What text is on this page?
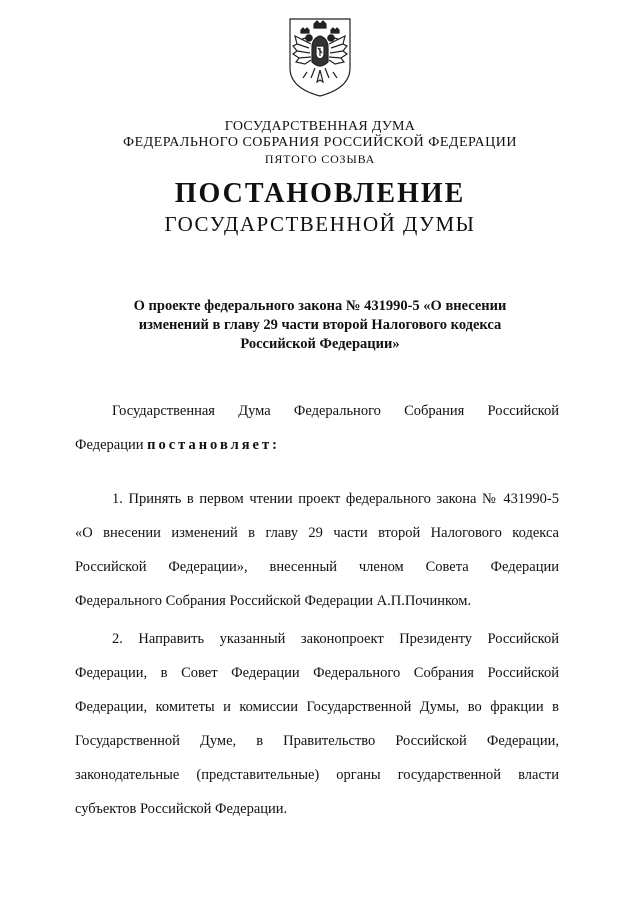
ГОСУДАРСТВЕННАЯ ДУМА
ФЕДЕРАЛЬНОГО СОБРАНИЯ РОССИЙСКОЙ ФЕДЕРАЦИИ
ПЯТОГО СОЗЫВА
ПОСТАНОВЛЕНИЕ
ГОСУДАРСТВЕННОЙ ДУМЫ
О проекте федерального закона № 431990-5 «О внесении
изменений в главу 29 части второй Налогового кодекса
Российской Федерации»
Государственная Дума Федерального Собрания Российской
Федерации постановляет:
1. Принять в первом чтении проект федерального закона № 431990-5
«О внесении изменений в главу 29 части второй Налогового кодекса
Российской Федерации», внесенный членом Совета Федерации
Федерального Собрания Российской Федерации А.П.Починком.
2. Направить указанный законопроект Президенту Российской
Федерации, в Совет Федерации Федерального Собрания Российской
Федерации, комитеты и комиссии Государственной Думы, во фракции в
Государственной Думе, в Правительство Российской Федерации,
законодательные (представительные) органы государственной власти
субъектов Российской Федерации.
